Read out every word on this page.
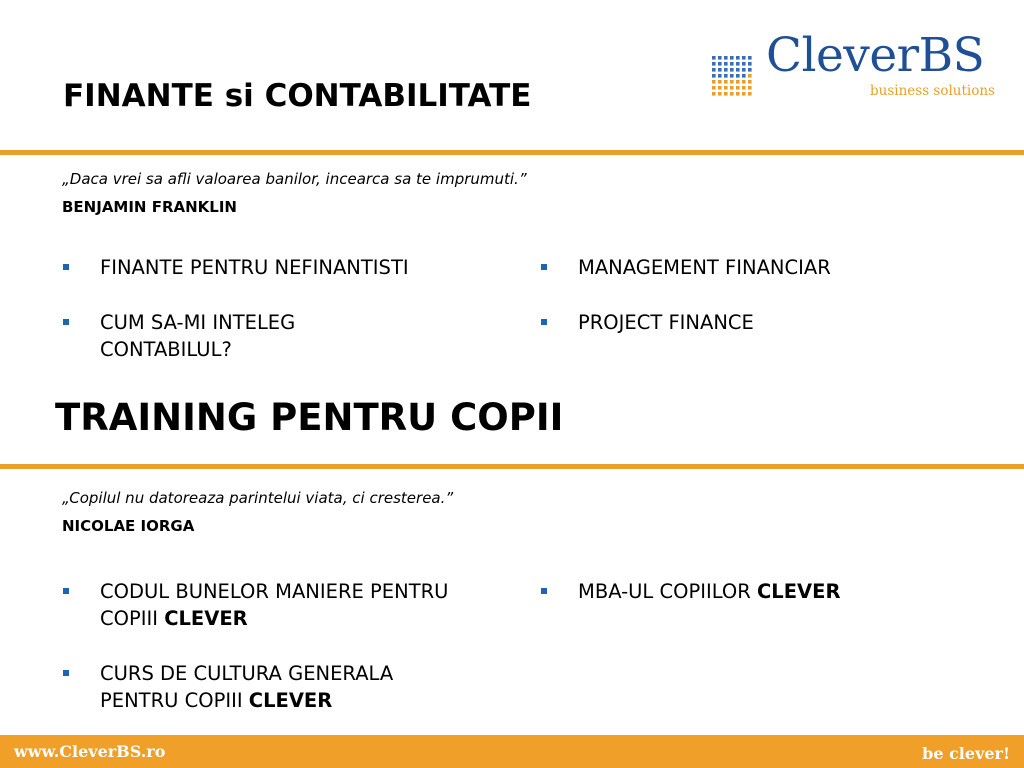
CleverBS
business solutions
FINANTE si CONTABILITATE
„Daca vrei sa afli valoarea banilor, incearca sa te imprumuti.”
BENJAMIN FRANKLIN
FINANTE PENTRU NEFINANTISTI
CUM SA-MI INTELEG CONTABILUL?
MANAGEMENT FINANCIAR
PROJECT FINANCE
TRAINING PENTRU COPII
„Copilul nu datoreaza parintelui viata, ci cresterea.”
NICOLAE IORGA
CODUL BUNELOR MANIERE PENTRU COPIII CLEVER
CURS DE CULTURA GENERALA PENTRU COPIII CLEVER
MBA-UL COPIILOR CLEVER
www.CleverBS.ro	be clever!
